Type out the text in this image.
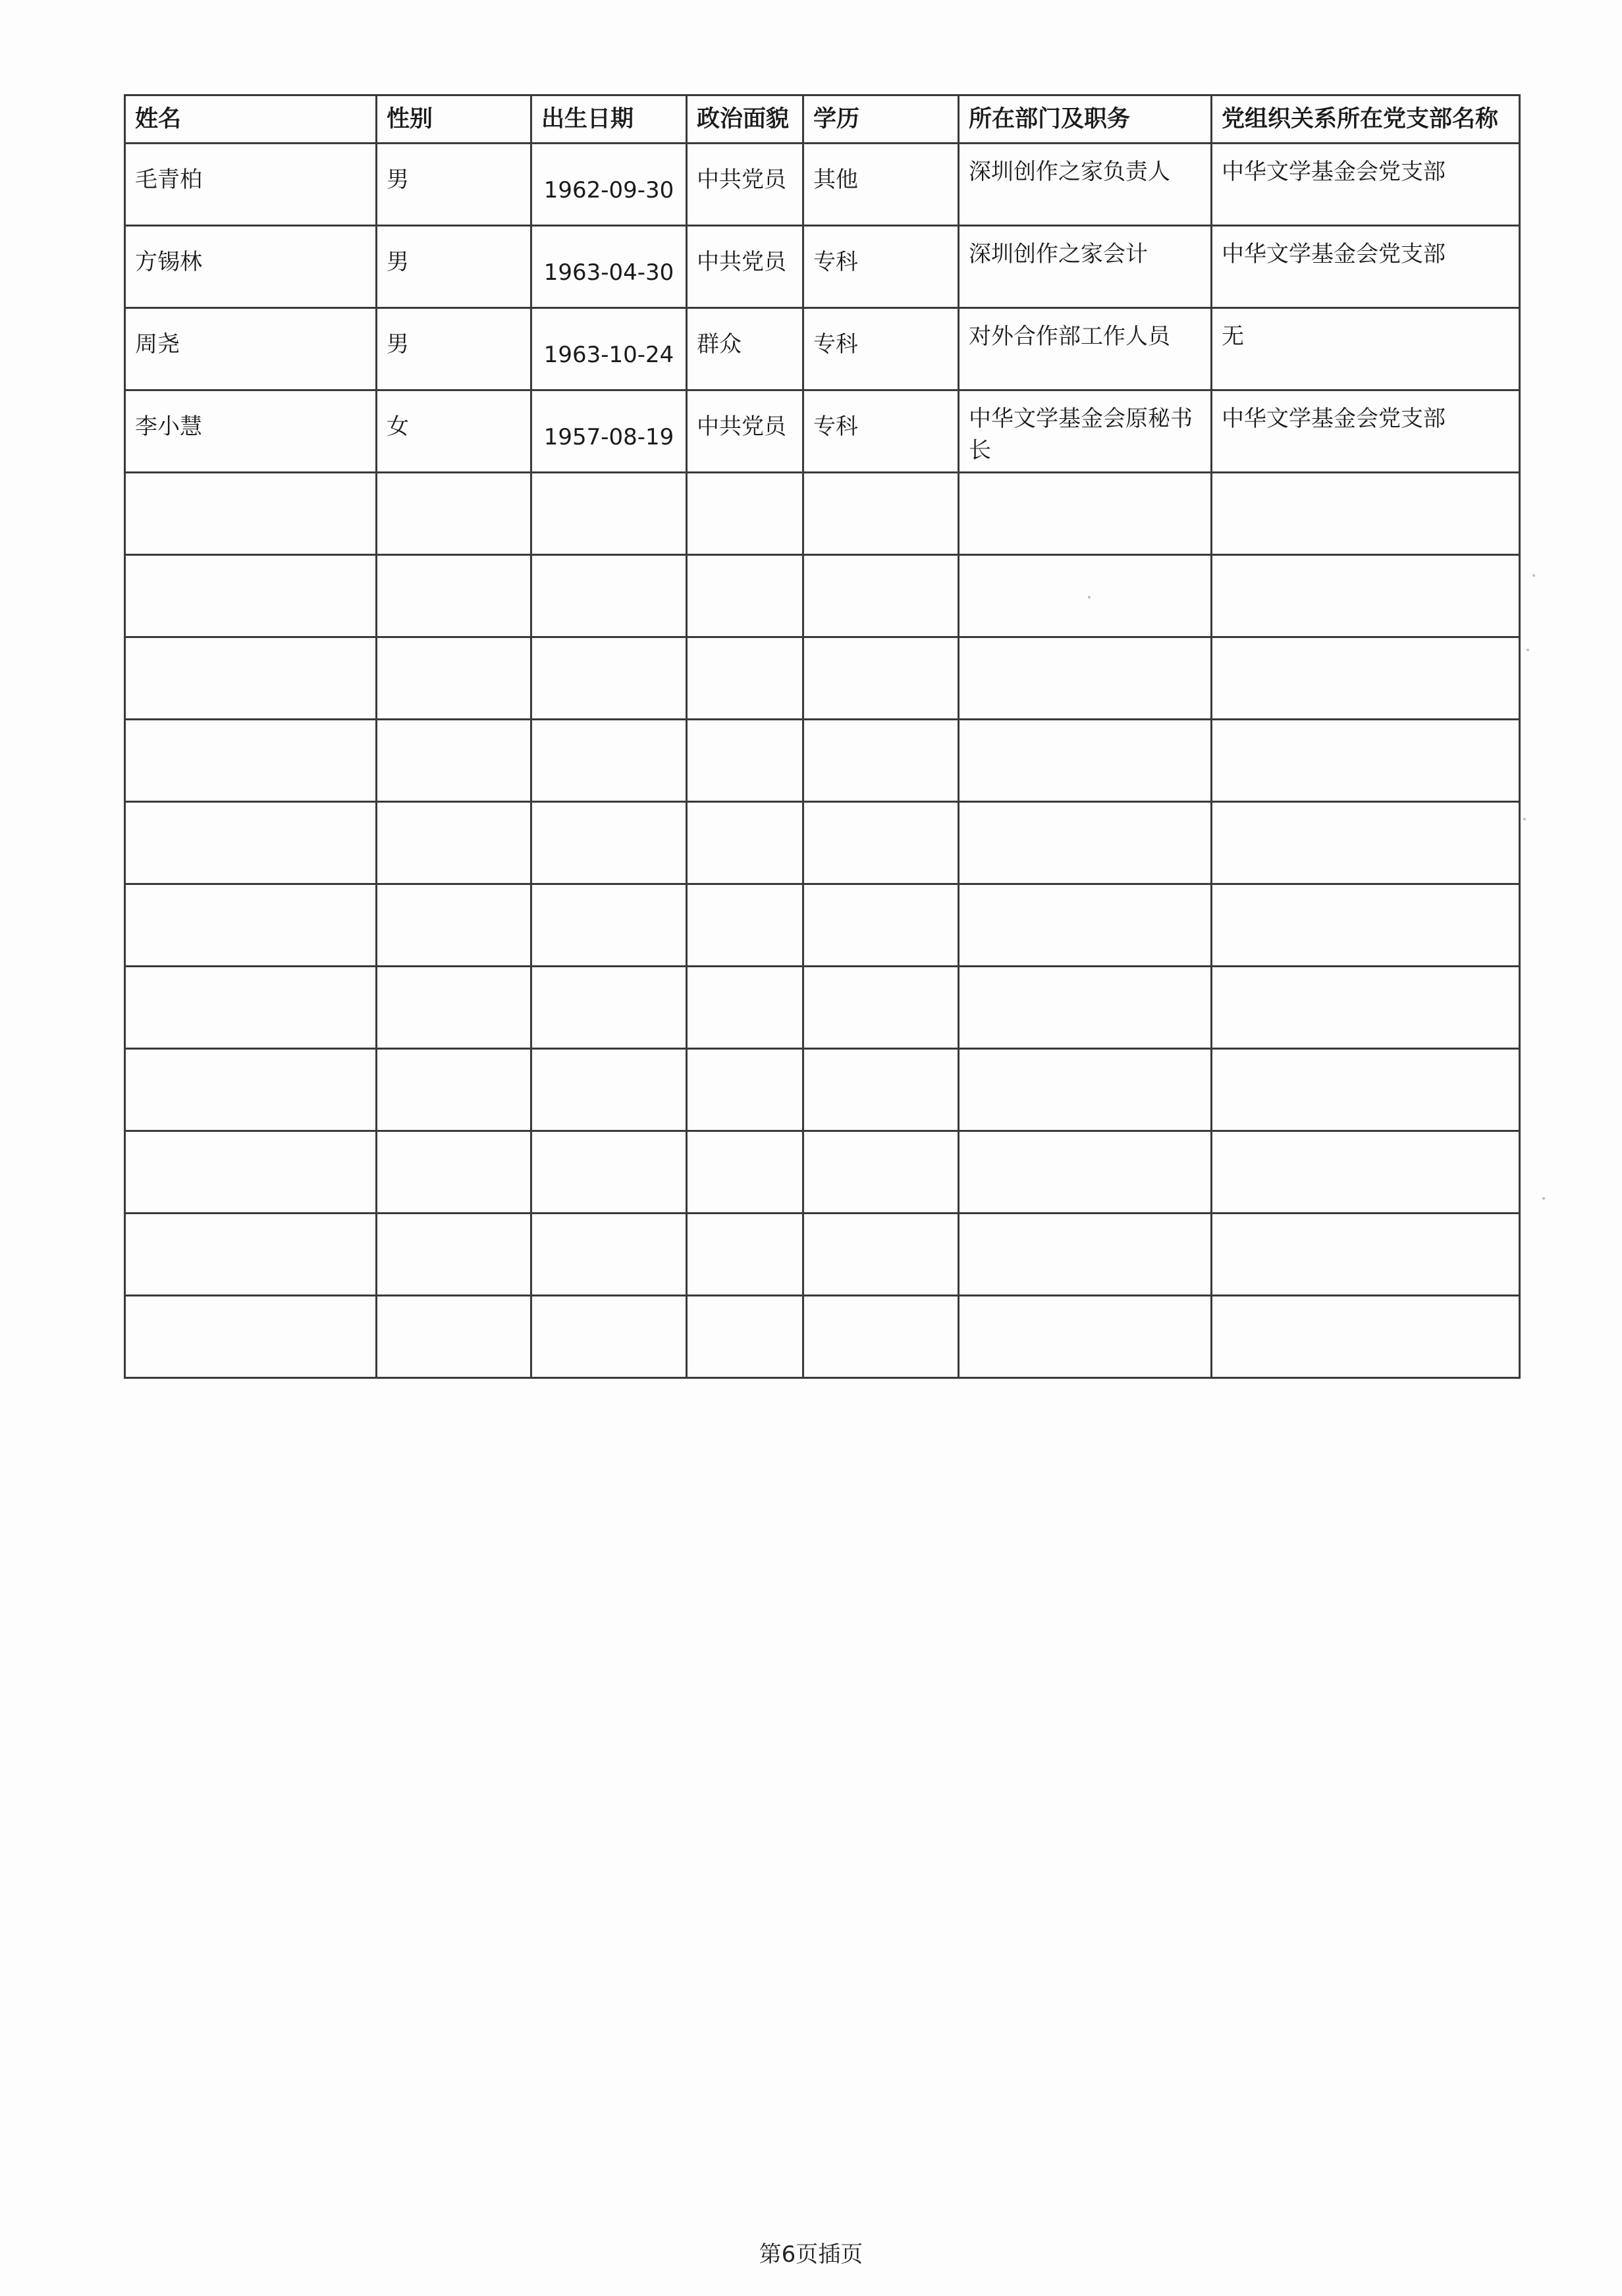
姓名	性别	出生日期	政治面貌	学历	所在部门及职务	党组织关系所在党支部名称
毛青柏	男	1962-09-30	中共党员	其他	深圳创作之家负责人	中华文学基金会党支部
方锡林	男	1963-04-30	中共党员	专科	深圳创作之家会计	中华文学基金会党支部
周尧	男	1963-10-24	群众	专科	对外合作部工作人员	无
李小慧	女	1957-08-19	中共党员	专科	中华文学基金会原秘书长	中华文学基金会党支部

第6页插页
